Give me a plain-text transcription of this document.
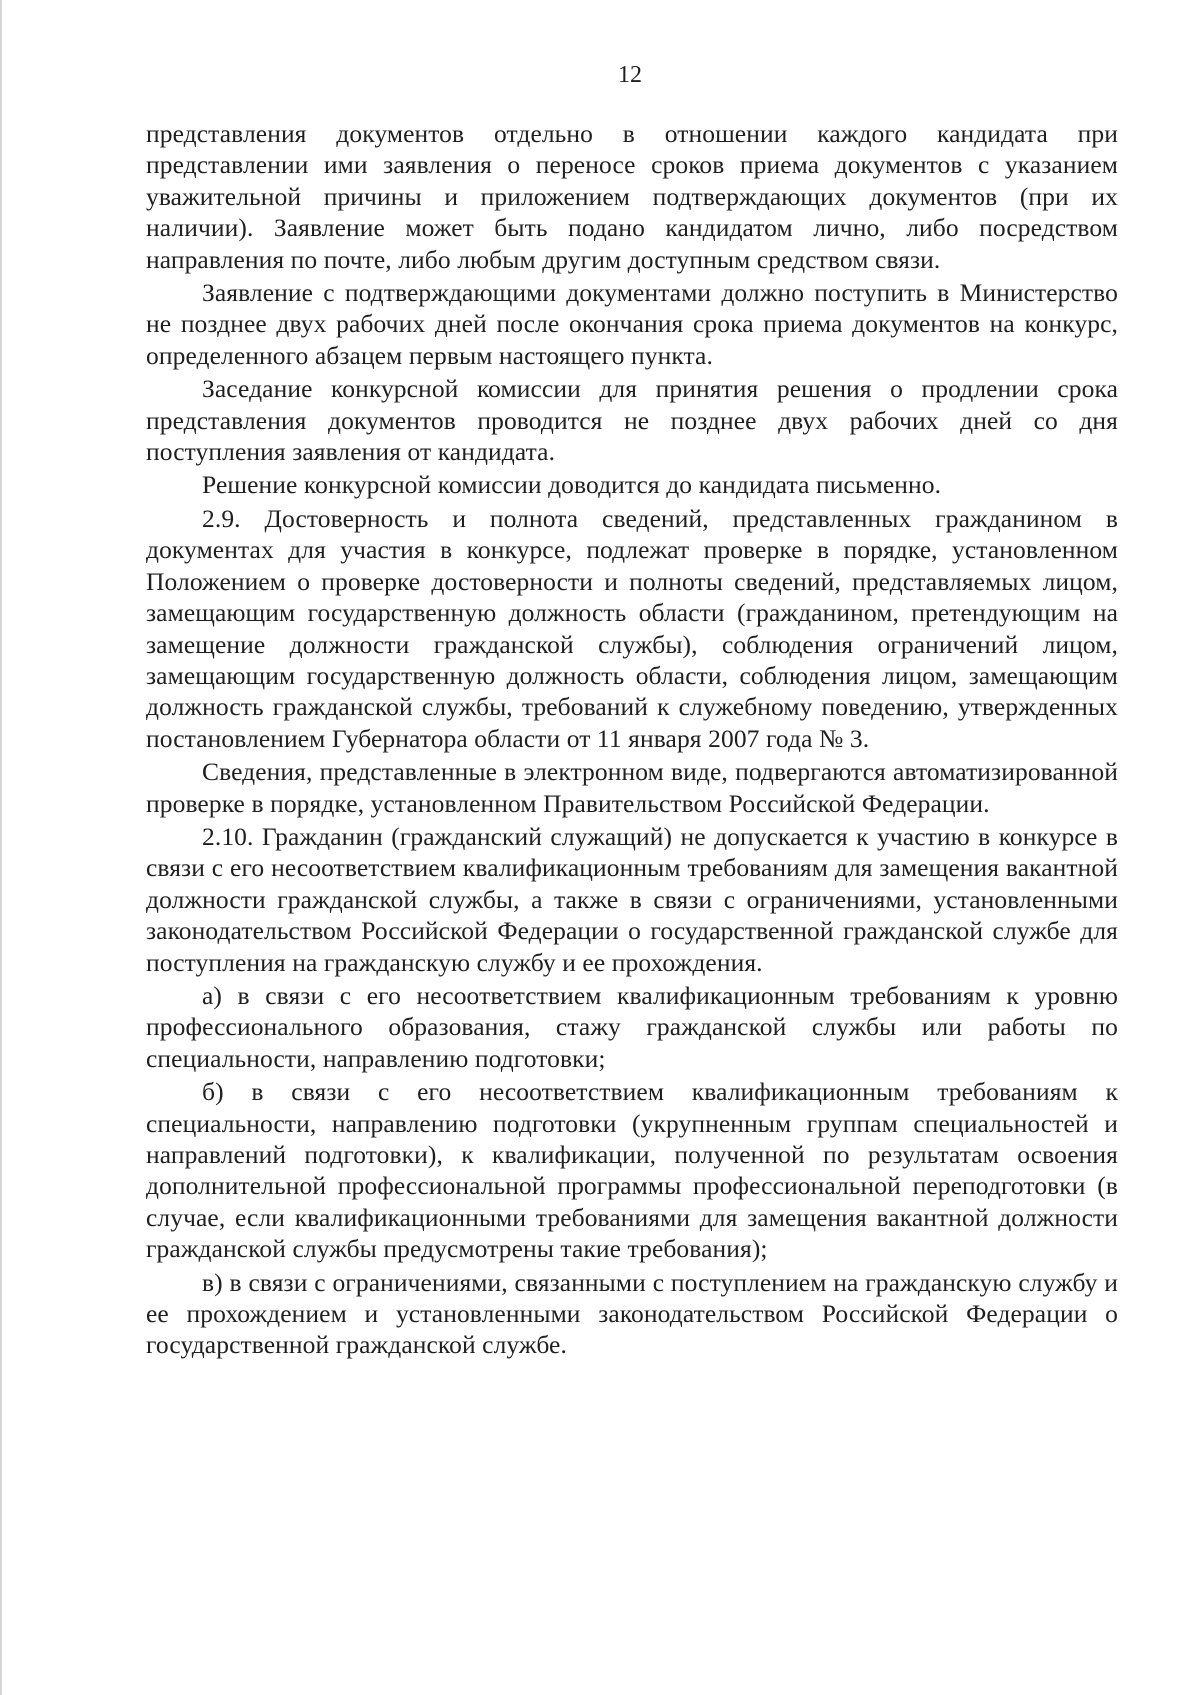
12

представления документов отдельно в отношении каждого кандидата при представлении ими заявления о переносе сроков приема документов с указанием уважительной причины и приложением подтверждающих документов (при их наличии). Заявление может быть подано кандидатом лично, либо посредством направления по почте, либо любым другим доступным средством связи.

Заявление с подтверждающими документами должно поступить в Министерство не позднее двух рабочих дней после окончания срока приема документов на конкурс, определенного абзацем первым настоящего пункта.

Заседание конкурсной комиссии для принятия решения о продлении срока представления документов проводится не позднее двух рабочих дней со дня поступления заявления от кандидата.

Решение конкурсной комиссии доводится до кандидата письменно.

2.9. Достоверность и полнота сведений, представленных гражданином в документах для участия в конкурсе, подлежат проверке в порядке, установленном Положением о проверке достоверности и полноты сведений, представляемых лицом, замещающим государственную должность области (гражданином, претендующим на замещение должности гражданской службы), соблюдения ограничений лицом, замещающим государственную должность области, соблюдения лицом, замещающим должность гражданской службы, требований к служебному поведению, утвержденных постановлением Губернатора области от 11 января 2007 года № 3.

Сведения, представленные в электронном виде, подвергаются автоматизированной проверке в порядке, установленном Правительством Российской Федерации.

2.10. Гражданин (гражданский служащий) не допускается к участию в конкурсе в связи с его несоответствием квалификационным требованиям для замещения вакантной должности гражданской службы, а также в связи с ограничениями, установленными законодательством Российской Федерации о государственной гражданской службе для поступления на гражданскую службу и ее прохождения.

а) в связи с его несоответствием квалификационным требованиям к уровню профессионального образования, стажу гражданской службы или работы по специальности, направлению подготовки;

б) в связи с его несоответствием квалификационным требованиям к специальности, направлению подготовки (укрупненным группам специальностей и направлений подготовки), к квалификации, полученной по результатам освоения дополнительной профессиональной программы профессиональной переподготовки (в случае, если квалификационными требованиями для замещения вакантной должности гражданской службы предусмотрены такие требования);

в) в связи с ограничениями, связанными с поступлением на гражданскую службу и ее прохождением и установленными законодательством Российской Федерации о государственной гражданской службе.
